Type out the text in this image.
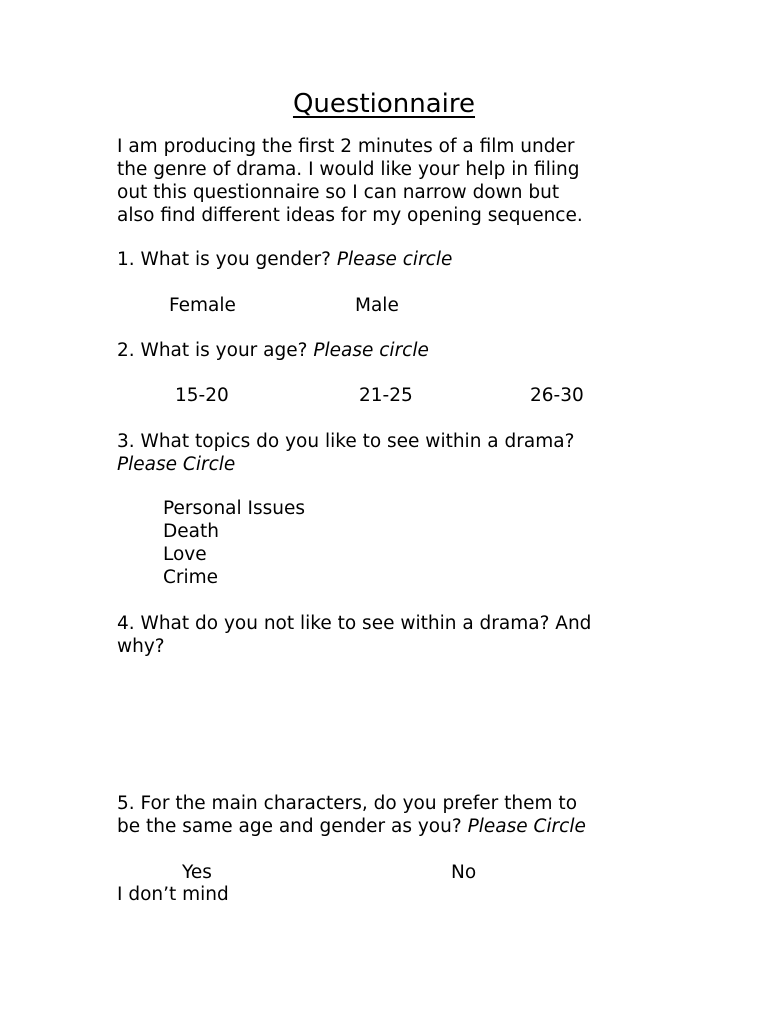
Questionnaire
I am producing the first 2 minutes of a film under
the genre of drama. I would like your help in filing
out this questionnaire so I can narrow down but
also find different ideas for my opening sequence.
1. What is you gender? Please circle
Female	Male
2. What is your age? Please circle
15-20	21-25	26-30
3. What topics do you like to see within a drama?
Please Circle
Personal Issues
Death
Love
Crime
4. What do you not like to see within a drama? And
why?
5. For the main characters, do you prefer them to
be the same age and gender as you? Please Circle
Yes	No
I don’t mind
